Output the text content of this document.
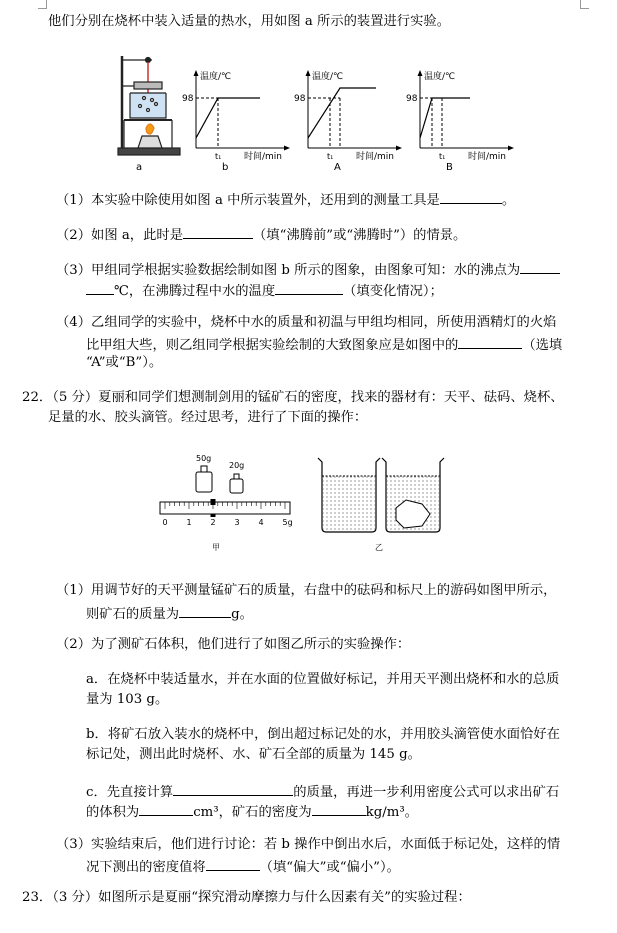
他们分别在烧杯中装入适量的热水，用如图 a 所示的装置进行实验。
a
温度/℃
98
t₁	时间/min
b
温度/℃
98
t₁	时间/min
A
温度/℃
98
t₁	时间/min
B
（1）本实验中除使用如图 a 中所示装置外，还用到的测量工具是	。
（2）如图 a，此时是	（填“沸腾前”或“沸腾时”）的情景。
（3）甲组同学根据实验数据绘制如图 b 所示的图象，由图象可知：水的沸点为
℃，在沸腾过程中水的温度	（填变化情况）；
（4）乙组同学的实验中，烧杯中水的质量和初温与甲组均相同，所使用酒精灯的火焰
比甲组大些，则乙组同学根据实验绘制的大致图象应是如图中的	（选填
“A”或“B”）。
22．（5 分）夏丽和同学们想测制剑用的锰矿石的密度，找来的器材有：天平、砝码、烧杯、
足量的水、胶头滴管。经过思考，进行了下面的操作：
50g
20g
0 1 2 3 4 5g
甲	乙
（1）用调节好的天平测量锰矿石的质量，右盘中的砝码和标尺上的游码如图甲所示，
则矿石的质量为	g。
（2）为了测矿石体积，他们进行了如图乙所示的实验操作：
a．在烧杯中装适量水，并在水面的位置做好标记，并用天平测出烧杯和水的总质
量为 103 g。
b．将矿石放入装水的烧杯中，倒出超过标记处的水，并用胶头滴管使水面恰好在
标记处，测出此时烧杯、水、矿石全部的质量为 145 g。
c．先直接计算	的质量，再进一步利用密度公式可以求出矿石
的体积为	cm³，矿石的密度为	kg/m³。
（3）实验结束后，他们进行讨论：若 b 操作中倒出水后，水面低于标记处，这样的情
况下测出的密度值将	（填“偏大”或“偏小”）。
23．（3 分）如图所示是夏丽“探究滑动摩擦力与什么因素有关”的实验过程：
